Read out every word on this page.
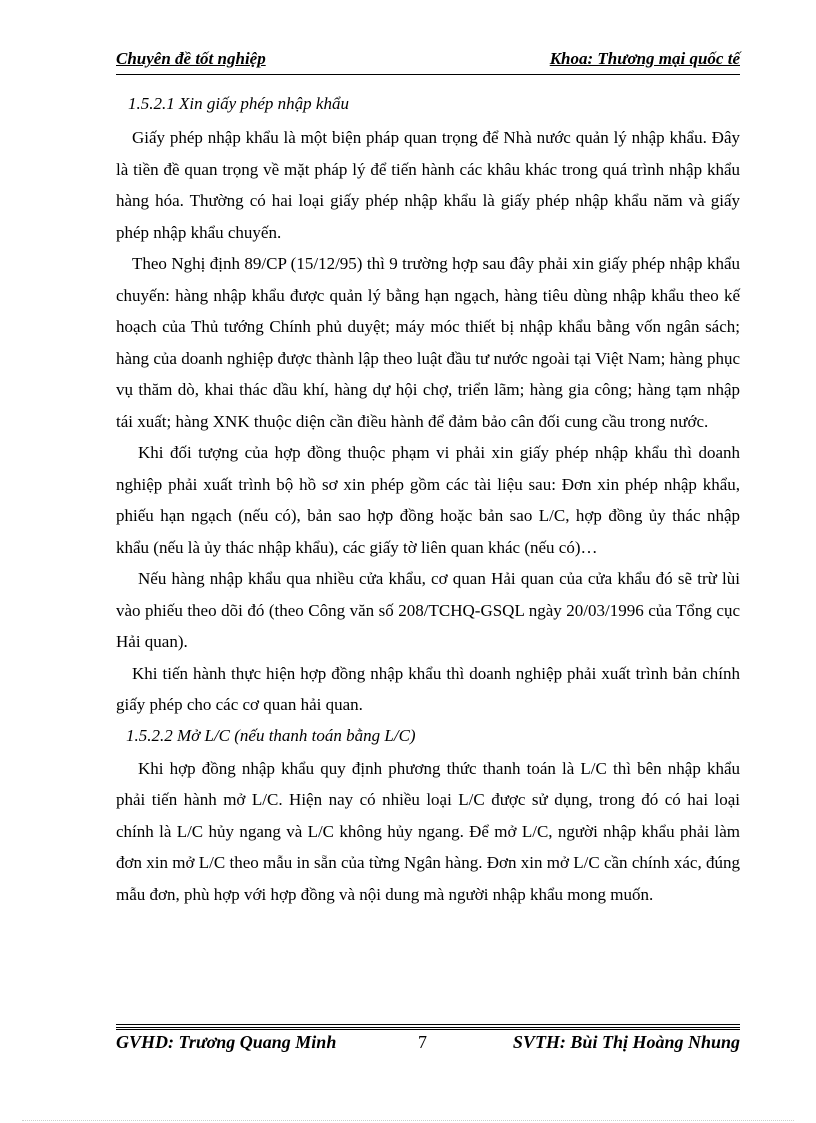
Chuyên đề tốt nghiệp	Khoa: Thương mại quốc tế
1.5.2.1 Xin giấy phép nhập khẩu

Giấy phép nhập khẩu là một biện pháp quan trọng để Nhà nước quản lý nhập khẩu. Đây là tiền đề quan trọng về mặt pháp lý để tiến hành các khâu khác trong quá trình nhập khẩu hàng hóa. Thường có hai loại giấy phép nhập khẩu là giấy phép nhập khẩu năm và giấy phép nhập khẩu chuyến.

Theo Nghị định 89/CP (15/12/95) thì 9 trường hợp sau đây phải xin giấy phép nhập khẩu chuyến: hàng nhập khẩu được quản lý bằng hạn ngạch, hàng tiêu dùng nhập khẩu theo kế hoạch của Thủ tướng Chính phủ duyệt; máy móc thiết bị nhập khẩu bằng vốn ngân sách; hàng của doanh nghiệp được thành lập theo luật đầu tư nước ngoài tại Việt Nam; hàng phục vụ thăm dò, khai thác dầu khí, hàng dự hội chợ, triển lãm; hàng gia công; hàng tạm nhập tái xuất; hàng XNK thuộc diện cần điều hành để đảm bảo cân đối cung cầu trong nước.

Khi đối tượng của hợp đồng thuộc phạm vi phải xin giấy phép nhập khẩu thì doanh nghiệp phải xuất trình bộ hồ sơ xin phép gồm các tài liệu sau: Đơn xin phép nhập khẩu, phiếu hạn ngạch (nếu có), bản sao hợp đồng hoặc bản sao L/C, hợp đồng ủy thác nhập khẩu (nếu là ủy thác nhập khẩu), các giấy tờ liên quan khác (nếu có)…

Nếu hàng nhập khẩu qua nhiều cửa khẩu, cơ quan Hải quan của cửa khẩu đó sẽ trừ lùi vào phiếu theo dõi đó (theo Công văn số 208/TCHQ-GSQL ngày 20/03/1996 của Tổng cục Hải quan).

Khi tiến hành thực hiện hợp đồng nhập khẩu thì doanh nghiệp phải xuất trình bản chính giấy phép cho các cơ quan hải quan.

1.5.2.2 Mở L/C (nếu thanh toán bằng L/C)

Khi hợp đồng nhập khẩu quy định phương thức thanh toán là L/C thì bên nhập khẩu phải tiến hành mở L/C. Hiện nay có nhiều loại L/C được sử dụng, trong đó có hai loại chính là L/C hủy ngang và L/C không hủy ngang. Để mở L/C, người nhập khẩu phải làm đơn xin mở L/C theo mẫu in sẵn của từng Ngân hàng. Đơn xin mở L/C cần chính xác, đúng mẫu đơn, phù hợp với hợp đồng và nội dung mà người nhập khẩu mong muốn.

GVHD: Trương Quang Minh	7	SVTH: Bùi Thị Hoàng Nhung
